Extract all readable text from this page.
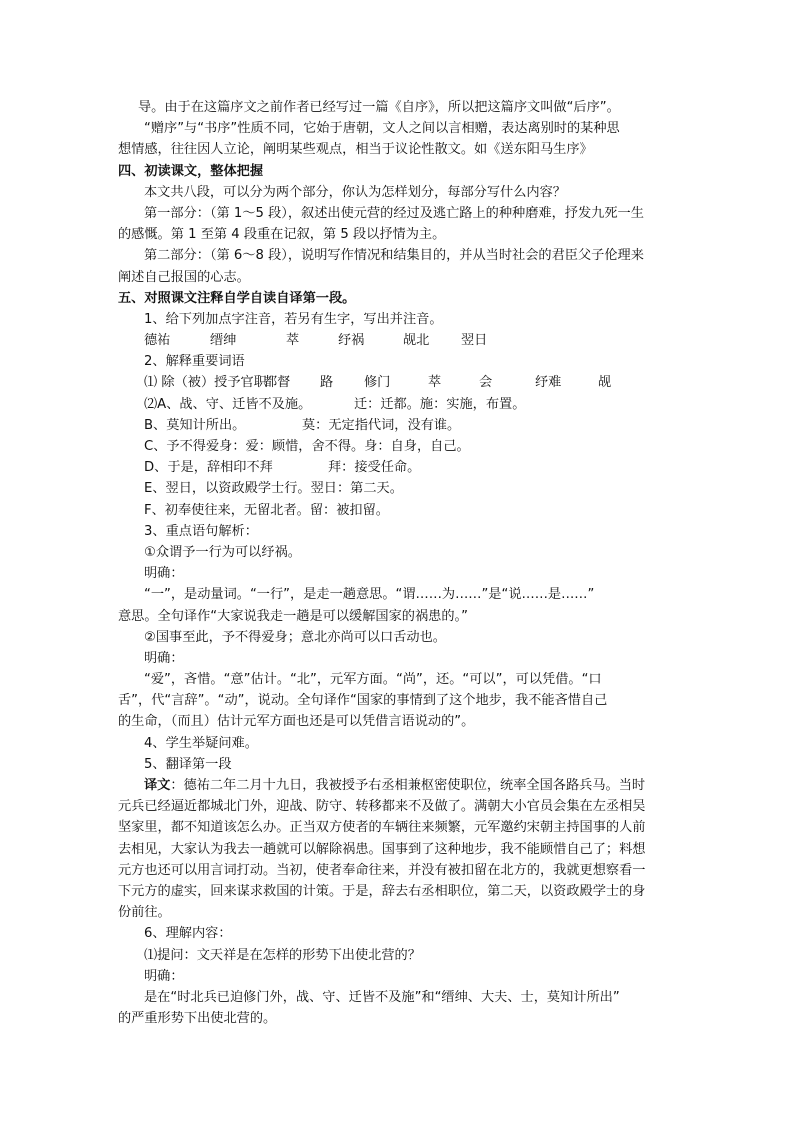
导。由于在这篇序文之前作者已经写过一篇《自序》，所以把这篇序文叫做“后序”。
“赠序”与“书序”性质不同，它始于唐朝，文人之间以言相赠，表达离别时的某种思
想情感，往往因人立论，阐明某些观点，相当于议论性散文。如《送东阳马生序》
四、初读课文，整体把握
本文共八段，可以分为两个部分，你认为怎样划分，每部分写什么内容？
第一部分：（第 1～5 段），叙述出使元营的经过及逃亡路上的种种磨难，抒发九死一生
的感慨。第 1 至第 4 段重在记叙，第 5 段以抒情为主。
第二部分：（第 6～8 段），说明写作情况和结集目的，并从当时社会的君臣父子伦理来
阐述自己报国的心志。
五、对照课文注释自学自读自译第一段。
1、给下列加点字注音，若另有生字，写出并注音。
德祐	缙绅	萃	纾祸	觇北	翌日
2、解释重要词语
⑴ 除（被）授予官职
都督	路	修门	萃	会	纾难	觇
⑵A、战、守、迁皆不及施。	迁：迁都。施：实施，布置。
B、莫知计所出。	莫：无定指代词，没有谁。
C、予不得爱身：爱：顾惜，舍不得。身：自身，自己。
D、于是，辞相印不拜	拜：接受任命。
E、翌日，以资政殿学士行。翌日：第二天。
F、初奉使往来，无留北者。留：被扣留。
3、重点语句解析：
①众谓予一行为可以纾祸。
明确：
“一”，是动量词。“一行”，是走一趟意思。“谓……为……”是“说……是……”
意思。全句译作“大家说我走一趟是可以缓解国家的祸患的。”
②国事至此，予不得爱身；意北亦尚可以口舌动也。
明确：
“爱”，吝惜。“意”估计。“北”，元军方面。“尚”，还。“可以”，可以凭借。“口
舌”，代“言辞”。“动”，说动。全句译作“国家的事情到了这个地步，我不能吝惜自己
的生命，（而且）估计元军方面也还是可以凭借言语说动的”。
4、学生举疑问难。
5、翻译第一段
译文：德祐二年二月十九日，我被授予右丞相兼枢密使职位，统率全国各路兵马。当时
元兵已经逼近都城北门外，迎战、防守、转移都来不及做了。满朝大小官员会集在左丞相吴
坚家里，都不知道该怎么办。正当双方使者的车辆往来频繁，元军邀约宋朝主持国事的人前
去相见，大家认为我去一趟就可以解除祸患。国事到了这种地步，我不能顾惜自己了；料想
元方也还可以用言词打动。当初，使者奉命往来，并没有被扣留在北方的，我就更想察看一
下元方的虚实，回来谋求救国的计策。于是，辞去右丞相职位，第二天，以资政殿学士的身
份前往。
6、理解内容：
⑴提问：文天祥是在怎样的形势下出使北营的？
明确：
是在“时北兵已迫修门外，战、守、迁皆不及施”和“缙绅、大夫、士，莫知计所出”
的严重形势下出使北营的。
